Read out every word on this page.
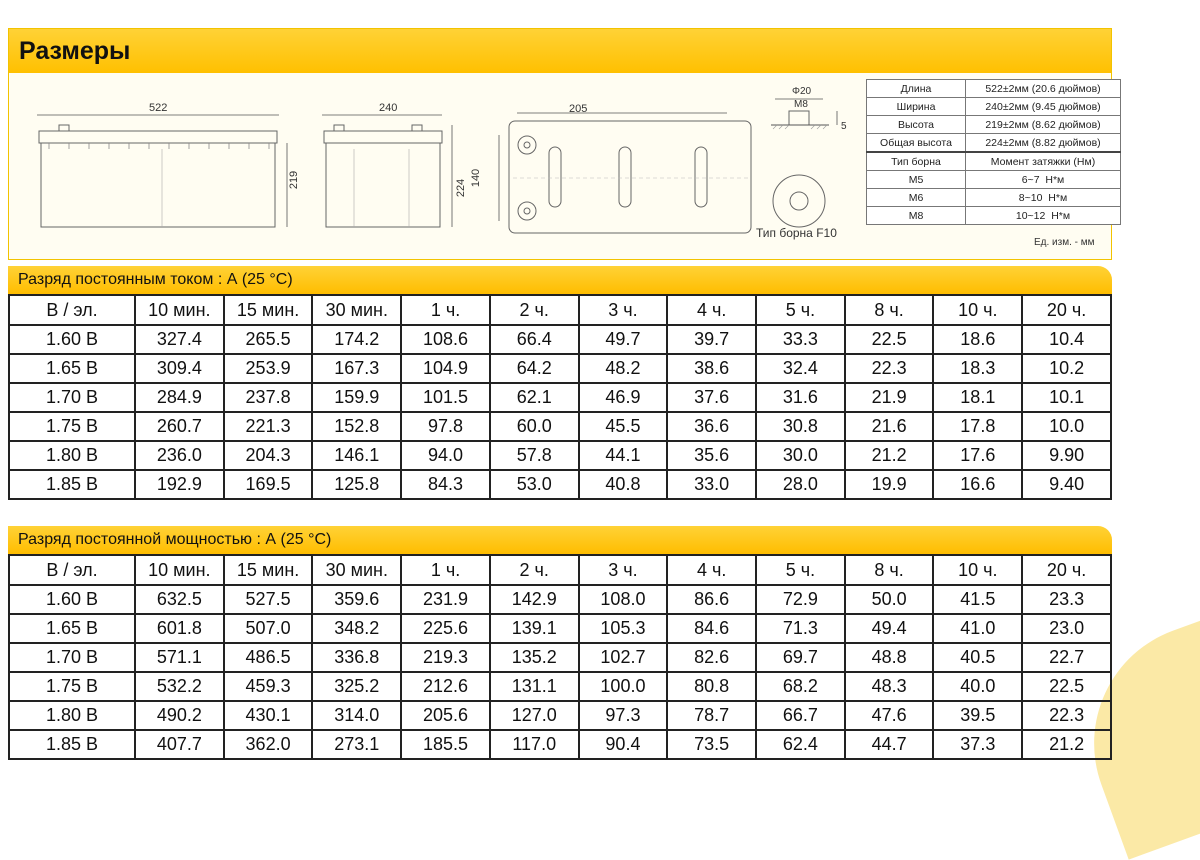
Размеры
522
219
240
224
205
140
Φ20
M8
5
Тип борна F10
Длина	522±2мм (20.6 дюймов)
Ширина	240±2мм (9.45 дюймов)
Высота	219±2мм (8.62 дюймов)
Общая высота	224±2мм (8.82 дюймов)
Тип борна	Момент затяжки (Нм)
M5	6~7 Н*м
M6	8~10 Н*м
M8	10~12 Н*м
Ед. изм. - мм
Разряд постоянным током : А (25 °C)
В / эл.	10 мин.	15 мин.	30 мин.	1 ч.	2 ч.	3 ч.	4 ч.	5 ч.	8 ч.	10 ч.	20 ч.
1.60 В	327.4	265.5	174.2	108.6	66.4	49.7	39.7	33.3	22.5	18.6	10.4
1.65 В	309.4	253.9	167.3	104.9	64.2	48.2	38.6	32.4	22.3	18.3	10.2
1.70 В	284.9	237.8	159.9	101.5	62.1	46.9	37.6	31.6	21.9	18.1	10.1
1.75 В	260.7	221.3	152.8	97.8	60.0	45.5	36.6	30.8	21.6	17.8	10.0
1.80 В	236.0	204.3	146.1	94.0	57.8	44.1	35.6	30.0	21.2	17.6	9.90
1.85 В	192.9	169.5	125.8	84.3	53.0	40.8	33.0	28.0	19.9	16.6	9.40
Разряд постоянной мощностью : А (25 °C)
В / эл.	10 мин.	15 мин.	30 мин.	1 ч.	2 ч.	3 ч.	4 ч.	5 ч.	8 ч.	10 ч.	20 ч.
1.60 В	632.5	527.5	359.6	231.9	142.9	108.0	86.6	72.9	50.0	41.5	23.3
1.65 В	601.8	507.0	348.2	225.6	139.1	105.3	84.6	71.3	49.4	41.0	23.0
1.70 В	571.1	486.5	336.8	219.3	135.2	102.7	82.6	69.7	48.8	40.5	22.7
1.75 В	532.2	459.3	325.2	212.6	131.1	100.0	80.8	68.2	48.3	40.0	22.5
1.80 В	490.2	430.1	314.0	205.6	127.0	97.3	78.7	66.7	47.6	39.5	22.3
1.85 В	407.7	362.0	273.1	185.5	117.0	90.4	73.5	62.4	44.7	37.3	21.2
